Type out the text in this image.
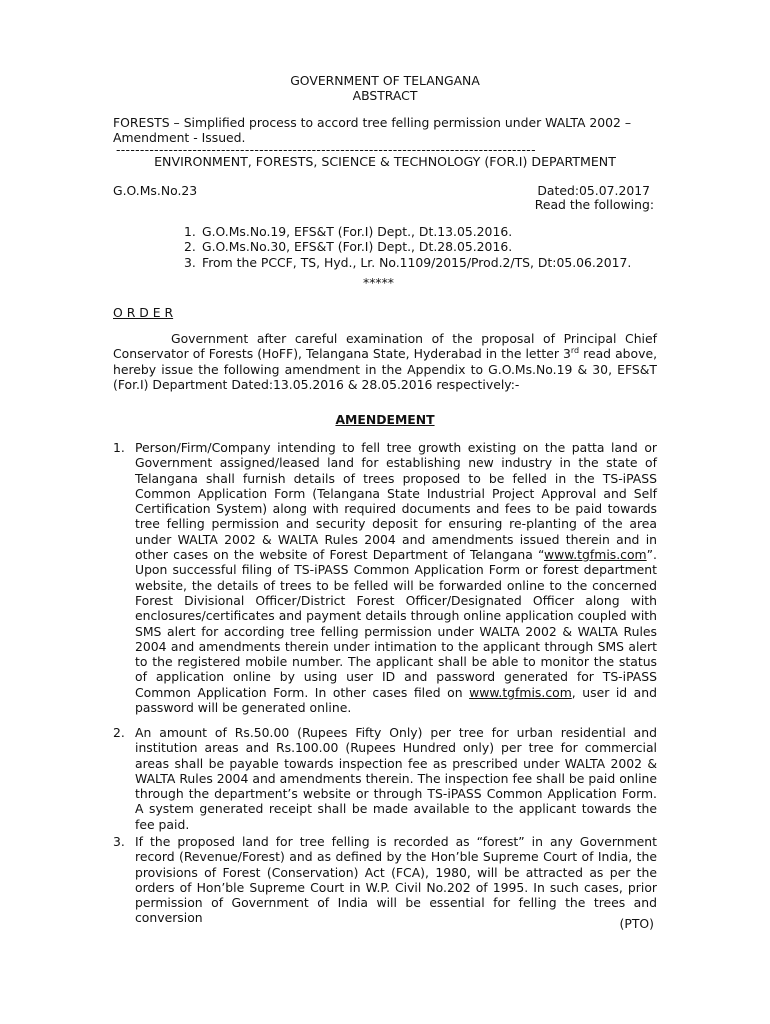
GOVERNMENT OF TELANGANA
ABSTRACT
FORESTS – Simplified process to accord tree felling permission under WALTA 2002 – Amendment - Issued.
----------------------------------------------------------------------------------------
ENVIRONMENT, FORESTS, SCIENCE & TECHNOLOGY (FOR.I) DEPARTMENT
G.O.Ms.No.23	Dated:05.07.2017
Read the following:
1. G.O.Ms.No.19, EFS&T (For.I) Dept., Dt.13.05.2016.
2. G.O.Ms.No.30, EFS&T (For.I) Dept., Dt.28.05.2016.
3. From the PCCF, TS, Hyd., Lr. No.1109/2015/Prod.2/TS, Dt:05.06.2017.
*****
O R D E R
Government after careful examination of the proposal of Principal Chief Conservator of Forests (HoFF), Telangana State, Hyderabad in the letter 3rd read above, hereby issue the following amendment in the Appendix to G.O.Ms.No.19 & 30, EFS&T (For.I) Department Dated:13.05.2016 & 28.05.2016 respectively:-
AMENDEMENT
1. Person/Firm/Company intending to fell tree growth existing on the patta land or Government assigned/leased land for establishing new industry in the state of Telangana shall furnish details of trees proposed to be felled in the TS-iPASS Common Application Form (Telangana State Industrial Project Approval and Self Certification System) along with required documents and fees to be paid towards tree felling permission and security deposit for ensuring re-planting of the area under WALTA 2002 & WALTA Rules 2004 and amendments issued therein and in other cases on the website of Forest Department of Telangana “www.tgfmis.com”. Upon successful filing of TS-iPASS Common Application Form or forest department website, the details of trees to be felled will be forwarded online to the concerned Forest Divisional Officer/District Forest Officer/Designated Officer along with enclosures/certificates and payment details through online application coupled with SMS alert for according tree felling permission under WALTA 2002 & WALTA Rules 2004 and amendments therein under intimation to the applicant through SMS alert to the registered mobile number. The applicant shall be able to monitor the status of application online by using user ID and password generated for TS-iPASS Common Application Form. In other cases filed on www.tgfmis.com, user id and password will be generated online.
2. An amount of Rs.50.00 (Rupees Fifty Only) per tree for urban residential and institution areas and Rs.100.00 (Rupees Hundred only) per tree for commercial areas shall be payable towards inspection fee as prescribed under WALTA 2002 & WALTA Rules 2004 and amendments therein. The inspection fee shall be paid online through the department’s website or through TS-iPASS Common Application Form. A system generated receipt shall be made available to the applicant towards the fee paid.
3. If the proposed land for tree felling is recorded as “forest” in any Government record (Revenue/Forest) and as defined by the Hon’ble Supreme Court of India, the provisions of Forest (Conservation) Act (FCA), 1980, will be attracted as per the orders of Hon’ble Supreme Court in W.P. Civil No.202 of 1995. In such cases, prior permission of Government of India will be essential for felling the trees and conversion	(PTO)
